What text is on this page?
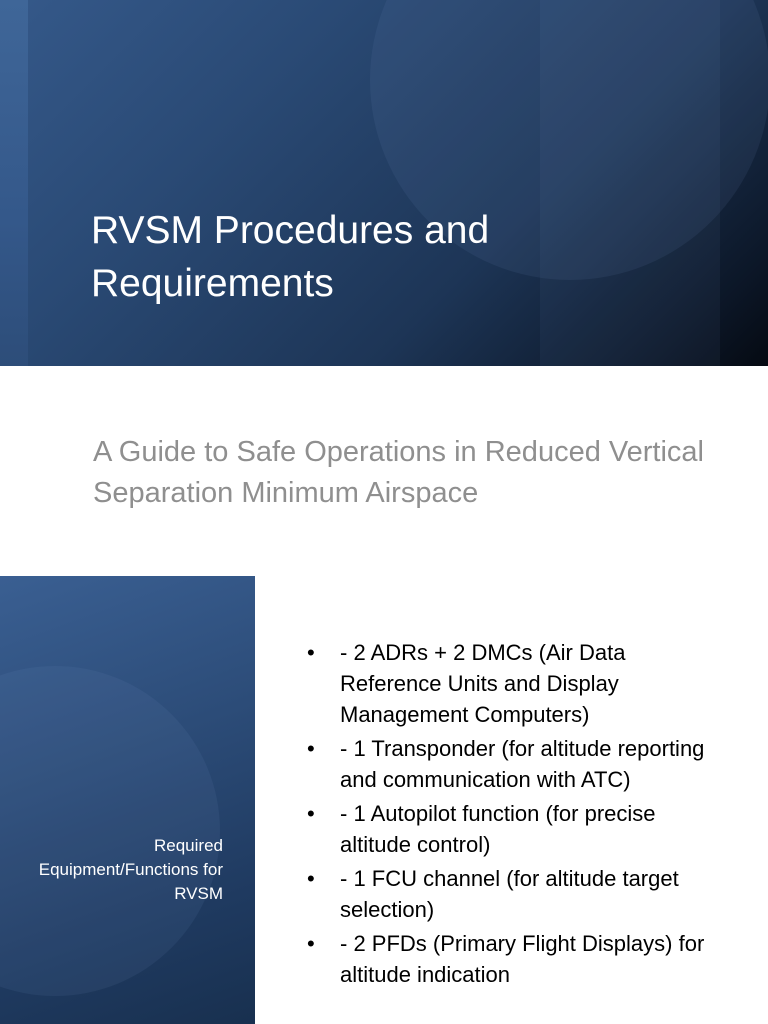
RVSM Procedures and Requirements
A Guide to Safe Operations in Reduced Vertical Separation Minimum Airspace
Required Equipment/Functions for RVSM
•	- 2 ADRs + 2 DMCs (Air Data Reference Units and Display Management Computers)
•	- 1 Transponder (for altitude reporting and communication with ATC)
•	- 1 Autopilot function (for precise altitude control)
•	- 1 FCU channel (for altitude target selection)
•	- 2 PFDs (Primary Flight Displays) for altitude indication
